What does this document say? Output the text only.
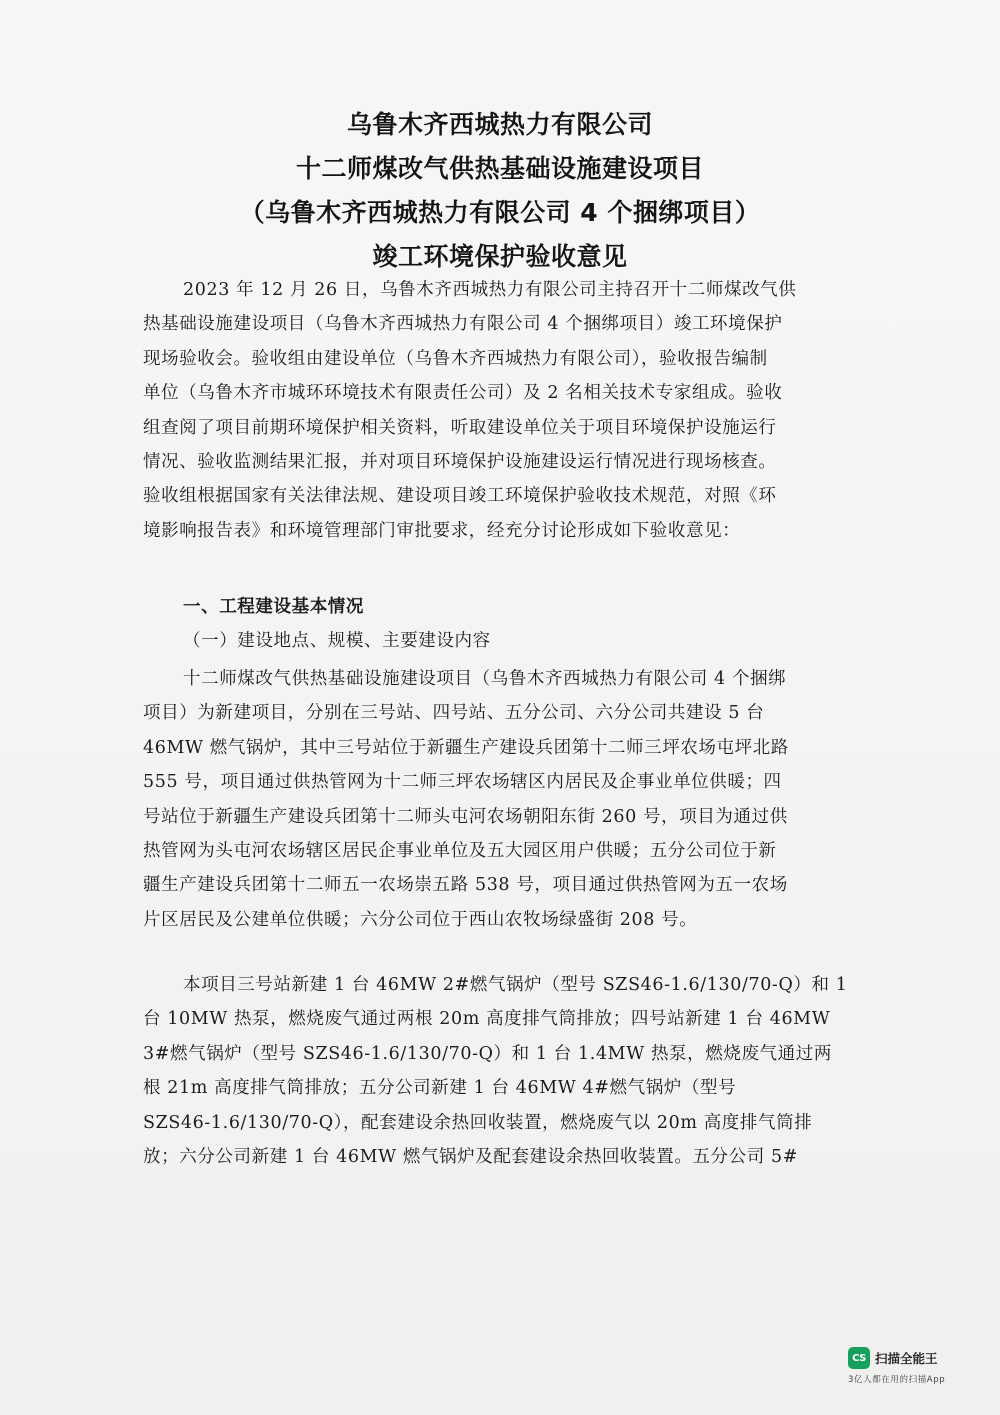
乌鲁木齐西城热力有限公司
十二师煤改气供热基础设施建设项目
（乌鲁木齐西城热力有限公司 4 个捆绑项目）
竣工环境保护验收意见
2023 年 12 月 26 日，乌鲁木齐西城热力有限公司主持召开十二师煤改气供
热基础设施建设项目（乌鲁木齐西城热力有限公司 4 个捆绑项目）竣工环境保护
现场验收会。验收组由建设单位（乌鲁木齐西城热力有限公司），验收报告编制
单位（乌鲁木齐市城环环境技术有限责任公司）及 2 名相关技术专家组成。验收
组查阅了项目前期环境保护相关资料，听取建设单位关于项目环境保护设施运行
情况、验收监测结果汇报，并对项目环境保护设施建设运行情况进行现场核查。
验收组根据国家有关法律法规、建设项目竣工环境保护验收技术规范，对照《环
境影响报告表》和环境管理部门审批要求，经充分讨论形成如下验收意见：
一、工程建设基本情况
（一）建设地点、规模、主要建设内容
十二师煤改气供热基础设施建设项目（乌鲁木齐西城热力有限公司 4 个捆绑
项目）为新建项目，分别在三号站、四号站、五分公司、六分公司共建设 5 台
46MW 燃气锅炉，其中三号站位于新疆生产建设兵团第十二师三坪农场屯坪北路
555 号，项目通过供热管网为十二师三坪农场辖区内居民及企事业单位供暖；四
号站位于新疆生产建设兵团第十二师头屯河农场朝阳东街 260 号，项目为通过供
热管网为头屯河农场辖区居民企事业单位及五大园区用户供暖；五分公司位于新
疆生产建设兵团第十二师五一农场崇五路 538 号，项目通过供热管网为五一农场
片区居民及公建单位供暖；六分公司位于西山农牧场绿盛街 208 号。
本项目三号站新建 1 台 46MW 2#燃气锅炉（型号 SZS46-1.6/130/70-Q）和 1
台 10MW 热泵，燃烧废气通过两根 20m 高度排气筒排放；四号站新建 1 台 46MW
3#燃气锅炉（型号 SZS46-1.6/130/70-Q）和 1 台 1.4MW 热泵，燃烧废气通过两
根 21m 高度排气筒排放；五分公司新建 1 台 46MW 4#燃气锅炉（型号
SZS46-1.6/130/70-Q），配套建设余热回收装置，燃烧废气以 20m 高度排气筒排
放；六分公司新建 1 台 46MW 燃气锅炉及配套建设余热回收装置。五分公司 5#
CS 扫描全能王
3亿人都在用的扫描App
